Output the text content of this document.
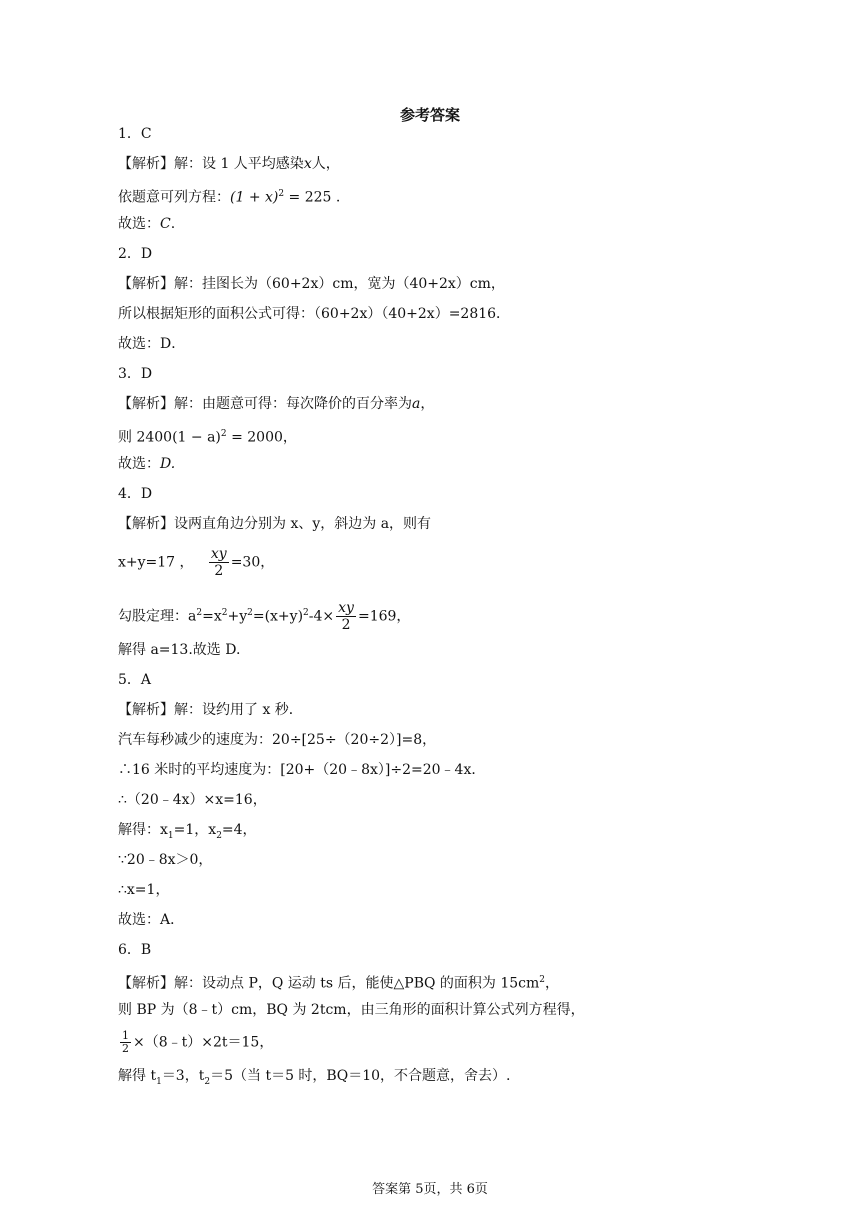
参考答案
1．C
【解析】解：设 1 人平均感染x人，
依题意可列方程：$(1 + x)^2 = 225$ .
故选：C.
2．D
【解析】解：挂图长为（60+2x）cm，宽为（40+2x）cm，
所以根据矩形的面积公式可得：（60+2x）（40+2x）=2816．
故选：D．
3．D
【解析】解：由题意可得：每次降价的百分率为a，
则 $2400(1 - a)^2 = 2000$，
故选：D.
4．D
【解析】设两直角边分别为 x、y，斜边为 a，则有
x+y=17 ， $\frac{xy}{2} =30$，
勾股定理：$a^2=x^2+y^2=(x+y)^2-4\times \frac{xy}{2} =169$，
解得 a=13.故选 D.
5．A
【解析】解：设约用了 x 秒．
汽车每秒减少的速度为：20÷[25÷（20÷2）]=8，
∴16 米时的平均速度为：[20+（20﹣8x）]÷2=20﹣4x．
∴（20﹣4x）×x=16，
解得：$x_1=1$，$x_2=4$，
∵20﹣8x＞0，
∴x=1，
故选：A．
6．B
【解析】解：设动点 P，Q 运动 ts 后，能使△PBQ 的面积为 $15cm^2$，
则 BP 为（8﹣t）cm，BQ 为 2tcm，由三角形的面积计算公式列方程得，
$\frac{1}{2}$ ×（8﹣t）×2t＝15，
解得 $t_1=3$，$t_2=5$（当 t＝5 时，BQ＝10，不合题意，舍去）.
答案第 5页，共 6页
